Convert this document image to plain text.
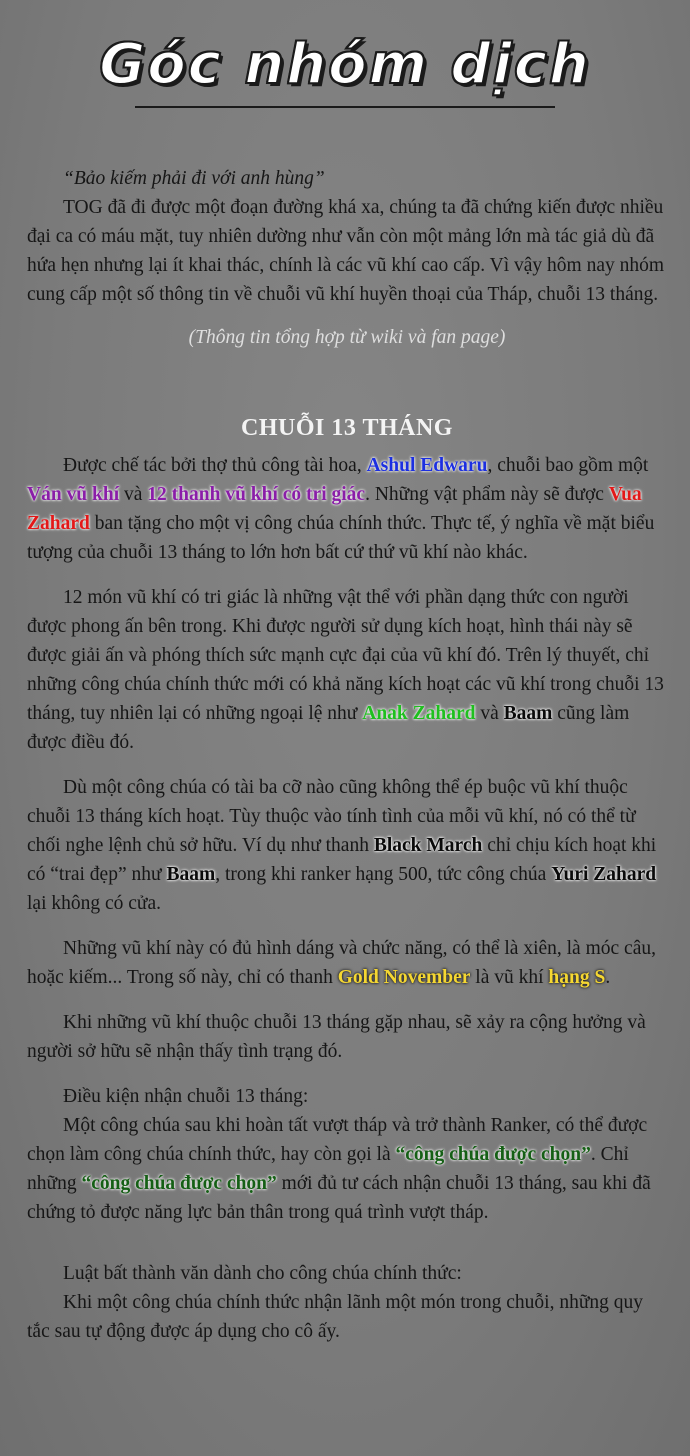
Góc nhóm dịch

“Bảo kiếm phải đi với anh hùng”

TOG đã đi được một đoạn đường khá xa, chúng ta đã chứng kiến được nhiều đại ca có máu mặt, tuy nhiên dường như vẫn còn một mảng lớn mà tác giả dù đã hứa hẹn nhưng lại ít khai thác, chính là các vũ khí cao cấp. Vì vậy hôm nay nhóm cung cấp một số thông tin về chuỗi vũ khí huyền thoại của Tháp, chuỗi 13 tháng.

(Thông tin tổng hợp từ wiki và fan page)

CHUỖI 13 THÁNG

Được chế tác bởi thợ thủ công tài hoa, Ashul Edwaru, chuỗi bao gồm một Ván vũ khí và 12 thanh vũ khí có tri giác. Những vật phẩm này sẽ được Vua Zahard ban tặng cho một vị công chúa chính thức. Thực tế, ý nghĩa về mặt biểu tượng của chuỗi 13 tháng to lớn hơn bất cứ thứ vũ khí nào khác.

12 món vũ khí có tri giác là những vật thể với phần dạng thức con người được phong ấn bên trong. Khi được người sử dụng kích hoạt, hình thái này sẽ được giải ấn và phóng thích sức mạnh cực đại của vũ khí đó. Trên lý thuyết, chỉ những công chúa chính thức mới có khả năng kích hoạt các vũ khí trong chuỗi 13 tháng, tuy nhiên lại có những ngoại lệ như Anak Zahard và Baam cũng làm được điều đó.

Dù một công chúa có tài ba cỡ nào cũng không thể ép buộc vũ khí thuộc chuỗi 13 tháng kích hoạt. Tùy thuộc vào tính tình của mỗi vũ khí, nó có thể từ chối nghe lệnh chủ sở hữu. Ví dụ như thanh Black March chỉ chịu kích hoạt khi có “trai đẹp” như Baam, trong khi ranker hạng 500, tức công chúa Yuri Zahard lại không có cửa.

Những vũ khí này có đủ hình dáng và chức năng, có thể là xiên, là móc câu, hoặc kiếm... Trong số này, chỉ có thanh Gold November là vũ khí hạng S.

Khi những vũ khí thuộc chuỗi 13 tháng gặp nhau, sẽ xảy ra cộng hưởng và người sở hữu sẽ nhận thấy tình trạng đó.

Điều kiện nhận chuỗi 13 tháng:

Một công chúa sau khi hoàn tất vượt tháp và trở thành Ranker, có thể được chọn làm công chúa chính thức, hay còn gọi là “công chúa được chọn”. Chỉ những “công chúa được chọn” mới đủ tư cách nhận chuỗi 13 tháng, sau khi đã chứng tỏ được năng lực bản thân trong quá trình vượt tháp.

Luật bất thành văn dành cho công chúa chính thức:

Khi một công chúa chính thức nhận lãnh một món trong chuỗi, những quy tắc sau tự động được áp dụng cho cô ấy.
